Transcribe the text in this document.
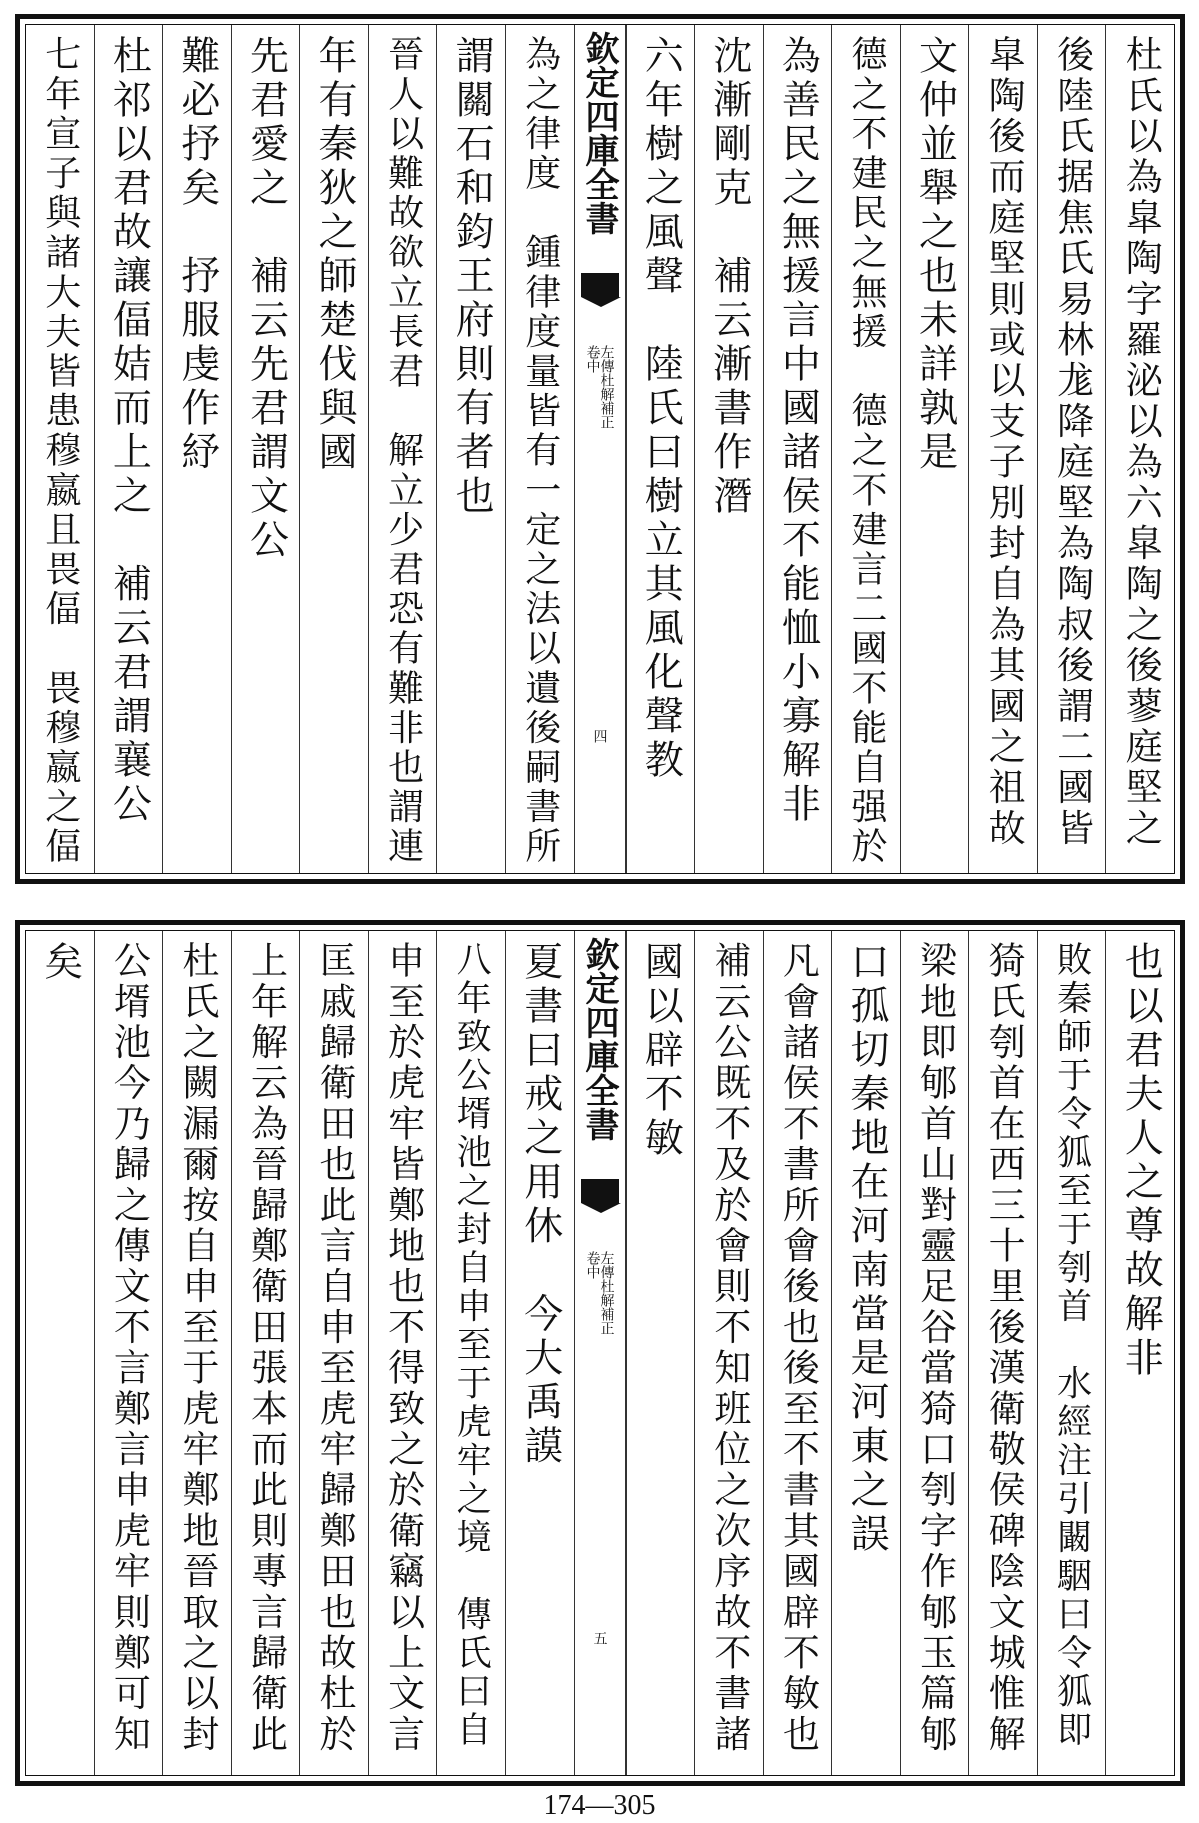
杜氏以為皐陶字羅泌以為六皐陶之後蓼庭堅之
後陸氏据焦氏易林尨降庭堅為陶叔後謂二國皆
皐陶後而庭堅則或以支子別封自為其國之祖故
文仲並舉之也未詳孰是
德之不建民之無援　德之不建言二國不能自强於
為善民之無援言中國諸侯不能恤小寡解非
沈漸剛克　補云漸書作潛
六年樹之風聲　陸氏曰樹立其風化聲教
欽定四庫全書
左傳杜解補正
卷中
四
為之律度　鍾律度量皆有一定之法以遺後嗣書所
謂關石和鈞王府則有者也
晉人以難故欲立長君　解立少君恐有難非也謂連
年有秦狄之師楚伐與國
先君愛之　補云先君謂文公
難必抒矣　抒服虔作紓
杜祁以君故讓偪姞而上之　補云君謂襄公
七年宣子與諸大夫皆患穆嬴且畏偪　畏穆嬴之偪
也以君夫人之尊故解非
敗秦師于令狐至于刳首　水經注引闞駰曰令狐即
猗氏刳首在西三十里後漢衛敬侯碑陰文城惟解
梁地即郇首山對靈足谷當猗口刳字作郇玉篇郇
口孤切秦地在河南當是河東之誤
凡會諸侯不書所會後也後至不書其國辟不敏也
補云公既不及於會則不知班位之次序故不書諸
國以辟不敏
欽定四庫全書
左傳杜解補正
卷中
五
夏書曰戒之用休　今大禹謨
八年致公壻池之封自申至于虎牢之境　傳氏曰自
申至於虎牢皆鄭地也不得致之於衛竊以上文言
匡戚歸衛田也此言自申至虎牢歸鄭田也故杜於
上年解云為晉歸鄭衛田張本而此則專言歸衛此
杜氏之闕漏爾按自申至于虎牢鄭地晉取之以封
公壻池今乃歸之傳文不言鄭言申虎牢則鄭可知
矣
174—305
